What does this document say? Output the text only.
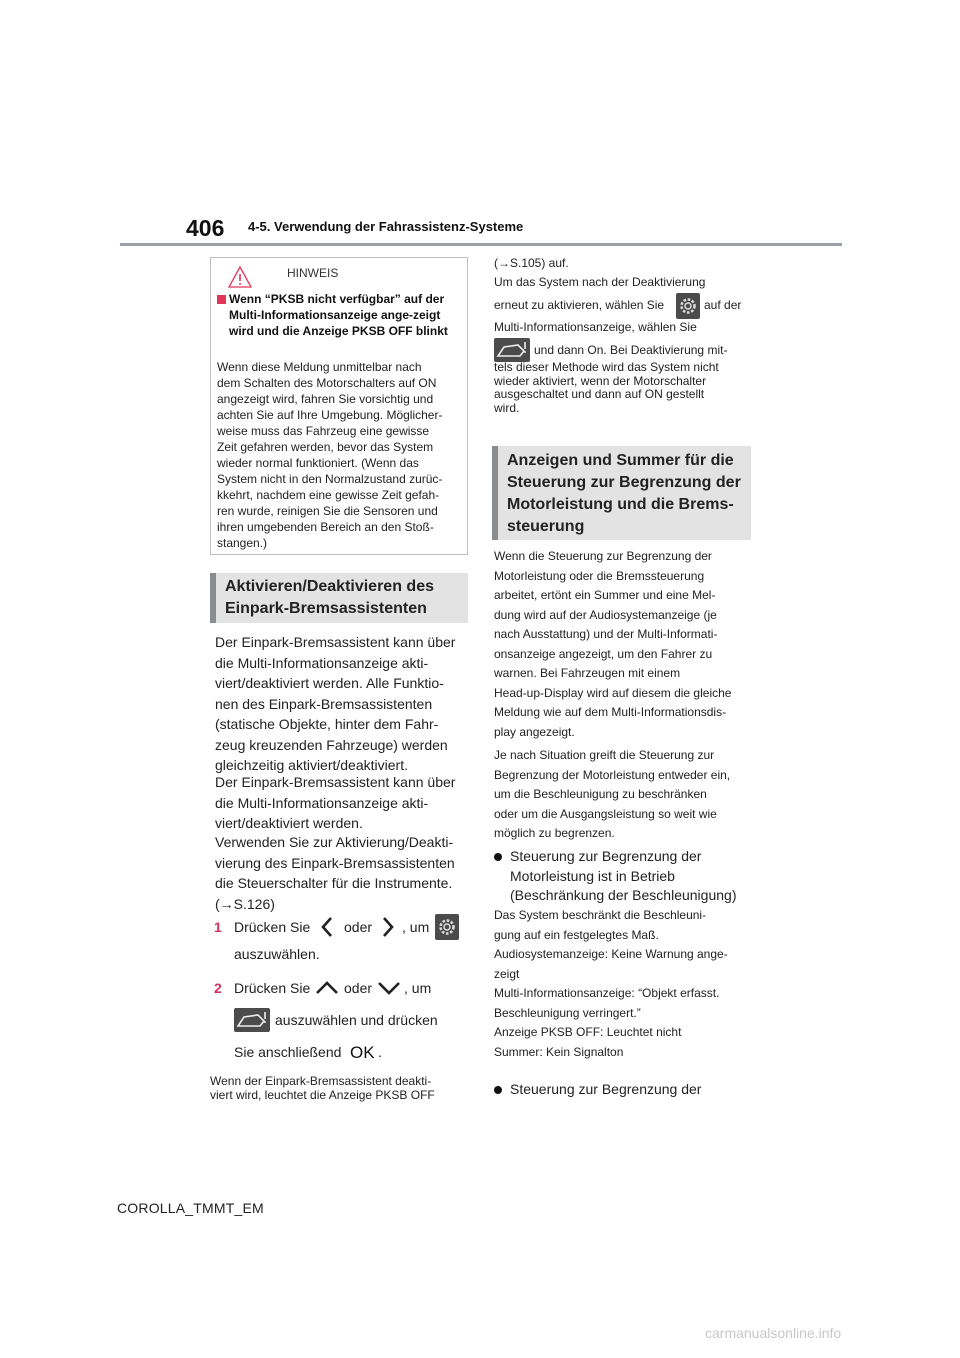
406 4-5. Verwendung der Fahrassistenz-Systeme
HINWEIS
Wenn “PKSB nicht verfügbar” auf der Multi-Informationsanzeige ange-zeigt wird und die Anzeige PKSB OFF blinkt
Wenn diese Meldung unmittelbar nach
dem Schalten des Motorschalters auf ON
angezeigt wird, fahren Sie vorsichtig und
achten Sie auf Ihre Umgebung. Möglicher-
weise muss das Fahrzeug eine gewisse
Zeit gefahren werden, bevor das System
wieder normal funktioniert. (Wenn das
System nicht in den Normalzustand zurüc-
kkehrt, nachdem eine gewisse Zeit gefah-
ren wurde, reinigen Sie die Sensoren und
ihren umgebenden Bereich an den Stoß-
stangen.)
Aktivieren/Deaktivieren des
Einpark-Bremsassistenten
Der Einpark-Bremsassistent kann über
die Multi-Informationsanzeige akti-
viert/deaktiviert werden. Alle Funktio-
nen des Einpark-Bremsassistenten
(statische Objekte, hinter dem Fahr-
zeug kreuzenden Fahrzeuge) werden
gleichzeitig aktiviert/deaktiviert.
Der Einpark-Bremsassistent kann über
die Multi-Informationsanzeige akti-
viert/deaktiviert werden.
Verwenden Sie zur Aktivierung/Deakti-
vierung des Einpark-Bremsassistenten
die Steuerschalter für die Instrumente.
(→S.126)
1 Drücken Sie oder , um
auszuwählen.
2 Drücken Sie oder , um
auszuwählen und drücken
Sie anschließend OK .
Wenn der Einpark-Bremsassistent deakti-
viert wird, leuchtet die Anzeige PKSB OFF
(→S.105) auf.
Um das System nach der Deaktivierung
erneut zu aktivieren, wählen Sie	auf der
Multi-Informationsanzeige, wählen Sie
und dann On. Bei Deaktivierung mit-
tels dieser Methode wird das System nicht
wieder aktiviert, wenn der Motorschalter
ausgeschaltet und dann auf ON gestellt
wird.
Anzeigen und Summer für die
Steuerung zur Begrenzung der
Motorleistung und die Brems-
steuerung
Wenn die Steuerung zur Begrenzung der
Motorleistung oder die Bremssteuerung
arbeitet, ertönt ein Summer und eine Mel-
dung wird auf der Audiosystemanzeige (je
nach Ausstattung) und der Multi-Informati-
onsanzeige angezeigt, um den Fahrer zu
warnen. Bei Fahrzeugen mit einem
Head-up-Display wird auf diesem die gleiche
Meldung wie auf dem Multi-Informationsdis-
play angezeigt.
Je nach Situation greift die Steuerung zur
Begrenzung der Motorleistung entweder ein,
um die Beschleunigung zu beschränken
oder um die Ausgangsleistung so weit wie
möglich zu begrenzen.
Steuerung zur Begrenzung der
Motorleistung ist in Betrieb
(Beschränkung der Beschleunigung)
Das System beschränkt die Beschleuni-
gung auf ein festgelegtes Maß.
Audiosystemanzeige: Keine Warnung ange-
zeigt
Multi-Informationsanzeige: “Objekt erfasst.
Beschleunigung verringert.”
Anzeige PKSB OFF: Leuchtet nicht
Summer: Kein Signalton
Steuerung zur Begrenzung der
COROLLA_TMMT_EM
carmanualsonline.info
